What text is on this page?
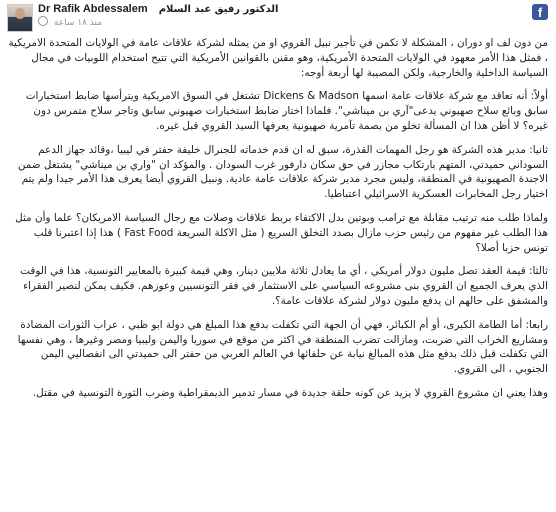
f
Dr Rafik Abdessalem الدكتور رفيق عبد السلام
منذ ١٨ ساعة

من دون لف او دوران ، المشكلة لا تكمن في تأجير نبيل القروي او من يمثله لشركة علاقات عامة في الولايات المتحدة الامريكية ، فمثل هذا الأمر معهود في الولايات المتحدة الأمريكية، وهو مقنن بالقوانين الأمريكية التي تتيح استخدام اللوبيات في مجال السياسة الداخلية والخارجية، ولكن المصيبة لها أربعة أوجه:

أولاً: أنه تعاقد مع شركة علاقات عامة اسمها Dickens & Madson تشتغل في السوق الامريكية ويترأسها ضابط استخبارات سابق وبائع سلاح صهيوني يدعى"آري بن ميناشي". فلماذا اختار ضابط استخبارات صهيوني سابق وتاجر سلاح متمرس دون غيره؟ لا أظن هذا ان المسألة تخلو من بصمة تآمرية صهيونية يعرفها السيد القروي قبل غيره.

ثانيا: مدير هذه الشركة هو رجل المهمات القذرة، سبق له ان قدم خدماته للجنرال خليفة حفتر في ليبيا ،وقائد جهاز الدعم السوداني حميدتي، المتهم بارتكاب مجازر في حق سكان دارفور غرب السودان . والمؤكد ان "واري بن ميناشي" يشتغل ضمن الاجندة الصهيونية في المنطقة، وليس مجرد مدير شركة علاقات عامة عادية. ونبيل القروي أيضا يعرف هذا الأمر جيدا ولم يتم اختيار رجل المخابرات العسكرية الاسرائيلي اعتباطيا.

ولماذا طلب منه ترتيب مقابلة مع ترامب وبوتين بدل الاكتفاء بربط علاقات وصلات مع رجال السياسة الامريكان؟ علما وأن مثل هذا الطلب غير مفهوم من رئيس حزب مازال بصدد التخلق السريع ( مثل الاكلة السريعة Fast Food ) هذا إذا اعتبرنا قلب تونس حزبا أصلا؟

ثالثا: قيمة العقد تصل مليون دولار أمريكي ، أي ما يعادل ثلاثة ملايين دينار، وهي قيمة كبيرة بالمعايير التونسية، هذا في الوقت الذي يعرف الجميع ان القروي بنى مشروعه السياسي على الاستثمار في فقر التونسيين وعوزهم. فكيف يمكن لنصير الفقراء والمشفق على حالهم ان يدفع مليون دولار لشركة علاقات عامة؟.

رابعا: أما الطامة الكبرى، أو أم الكبائر، فهي أن الجهة التي تكفلت بدفع هذا المبلغ هي دولة ابو ظبي ، عراب الثورات المضادة ومشاريع الخراب التي ضربت، ومازالت تضرب المنطقة في اكثر من موقع في سوريا واليمن وليبيا ومصر وغيرها ، وهي نفسها التي تكفلت قبل ذلك بدفع مثل هذه المبالغ نيابة عن حلفائها في العالم العربي من حفتر الى حميدتي الى انفصاليي اليمن الجنوبي ، الى القروي.

وهذا يعني ان مشروع القروي لا يزيد عن كونه حلقة جديدة في مسار تدمير الديمقراطية وضرب الثورة التونسية في مقتل.
